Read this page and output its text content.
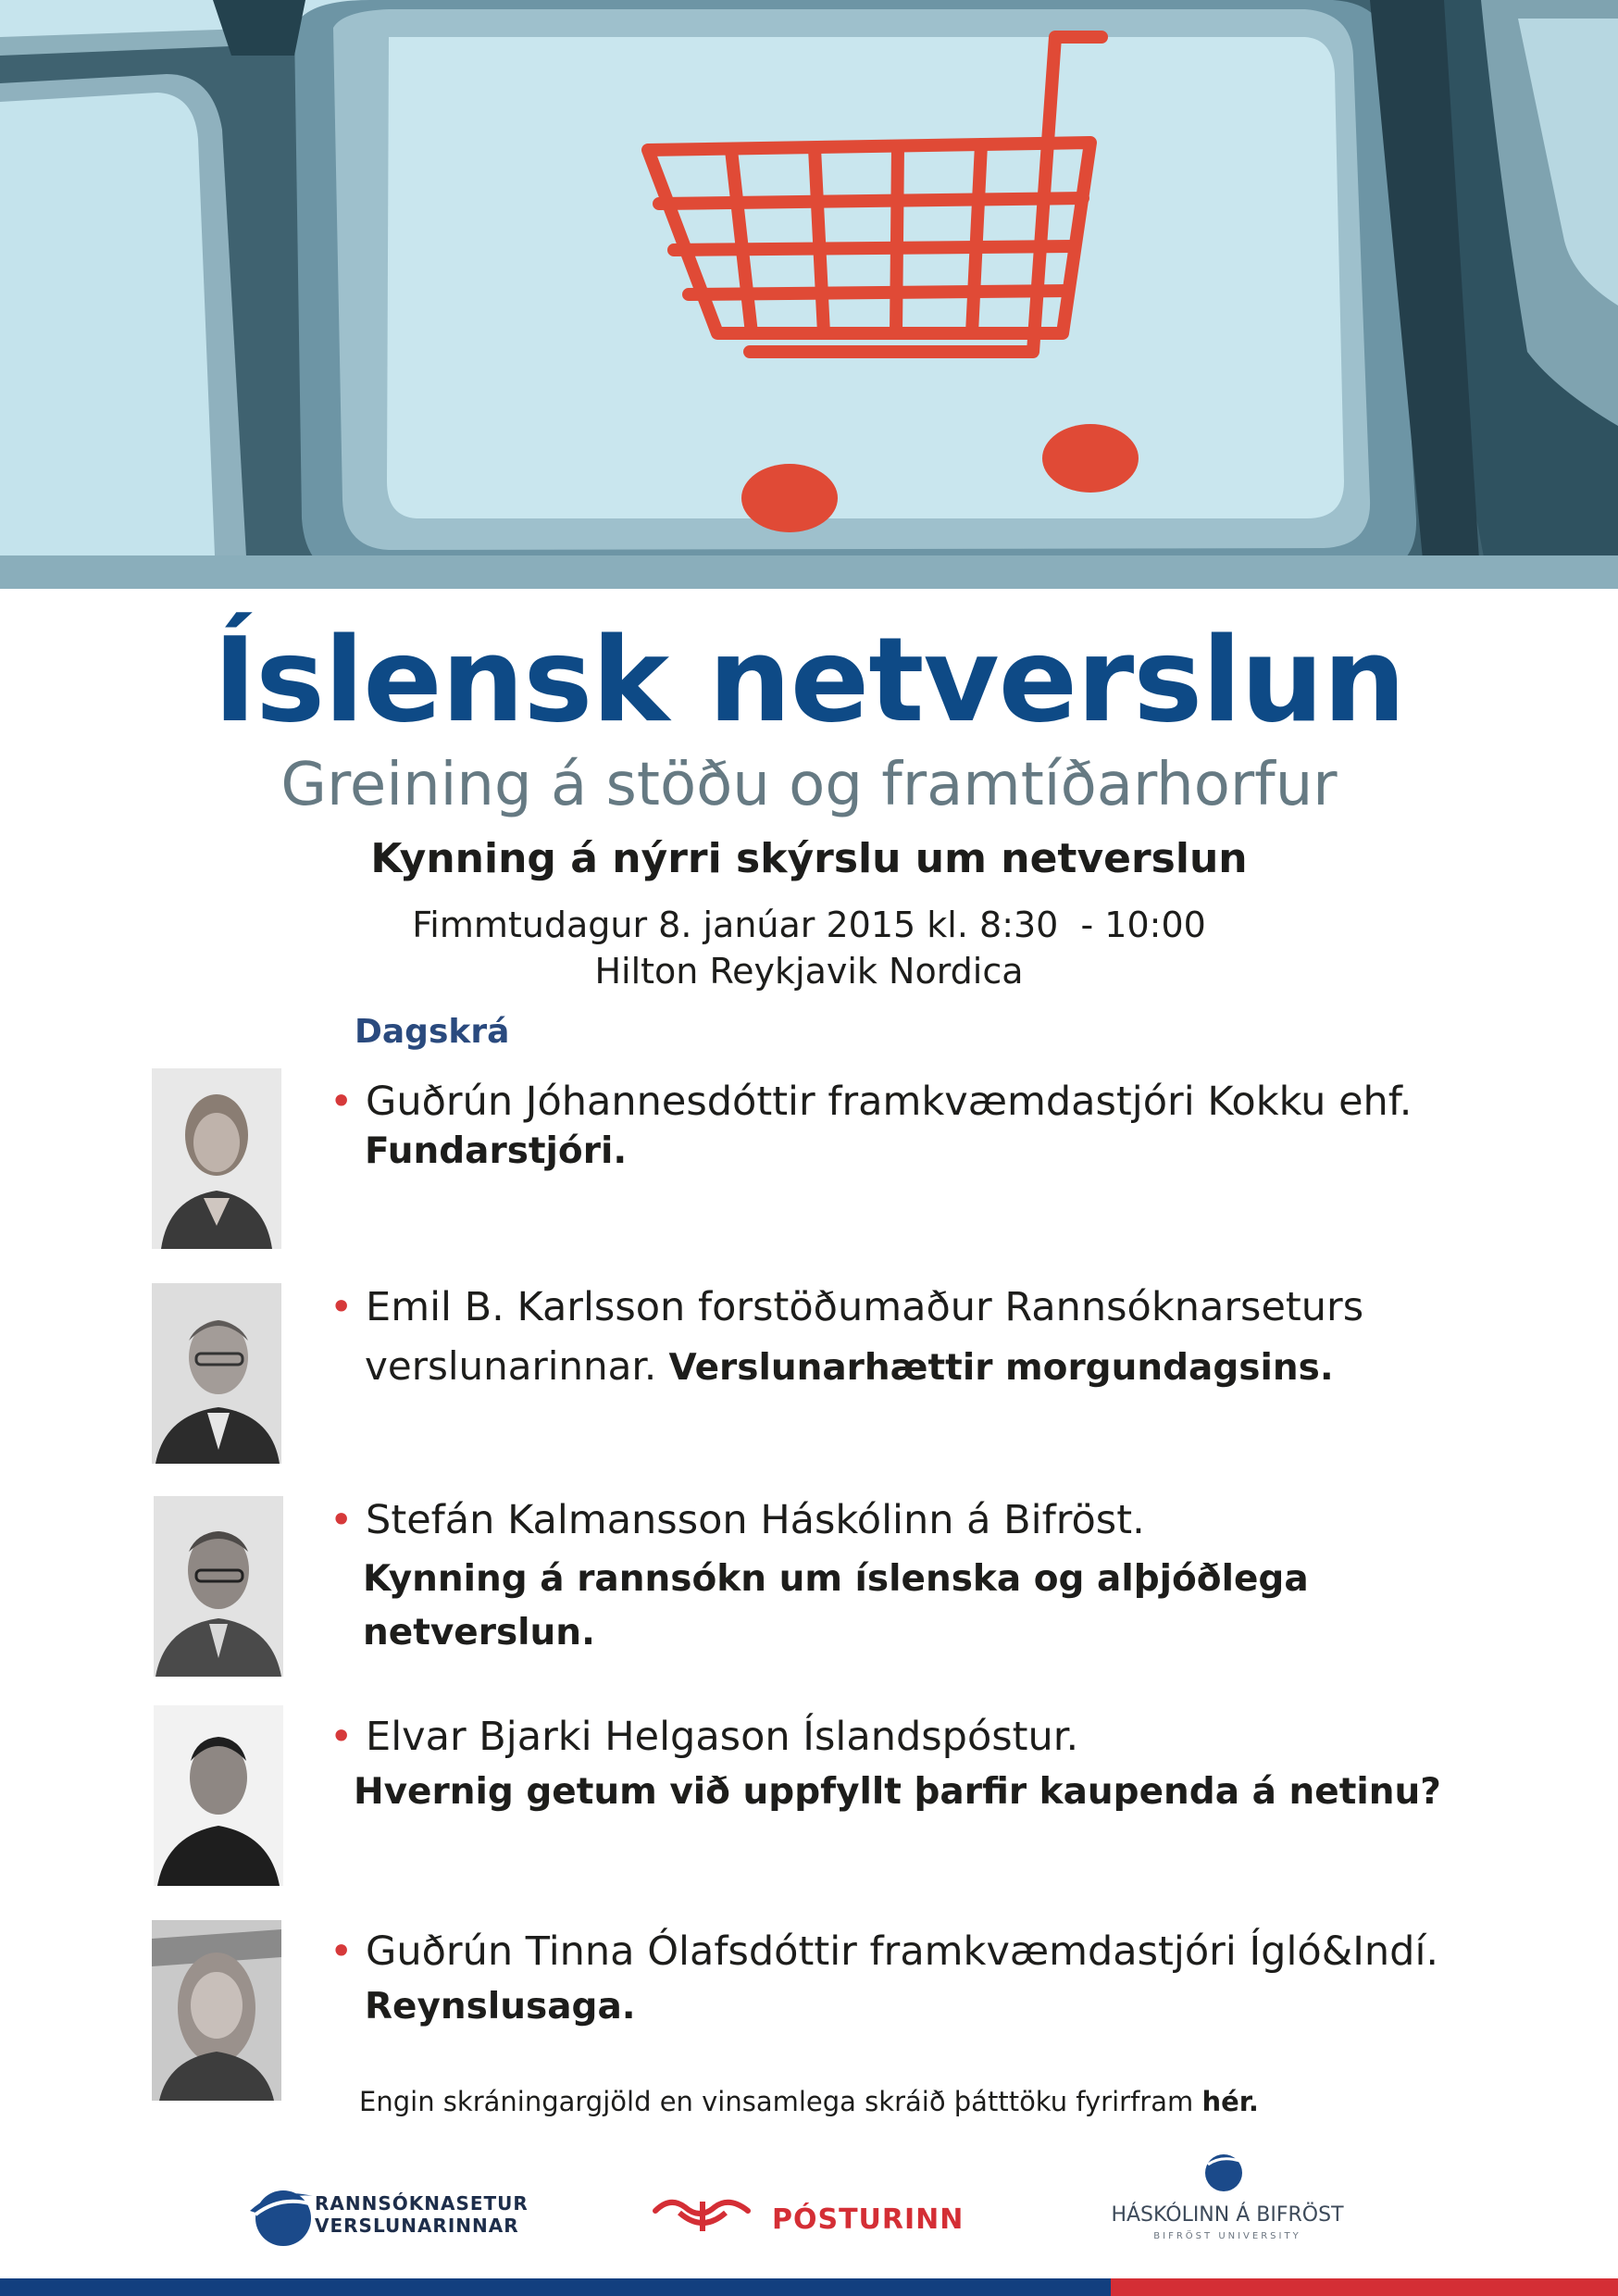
Íslensk netverslun
Greining á stöðu og framtíðarhorfur
Kynning á nýrri skýrslu um netverslun
Fimmtudagur 8. janúar 2015 kl. 8:30  - 10:00
Hilton Reykjavik Nordica
Dagskrá
• Guðrún Jóhannesdóttir framkvæmdastjóri Kokku ehf.
Fundarstjóri.
• Emil B. Karlsson forstöðumaður Rannsóknarseturs
verslunarinnar. Verslunarhættir morgundagsins.
• Stefán Kalmansson Háskólinn á Bifröst.
Kynning á rannsókn um íslenska og alþjóðlega
netverslun.
• Elvar Bjarki Helgason Íslandspóstur.
Hvernig getum við uppfyllt þarfir kaupenda á netinu?
• Guðrún Tinna Ólafsdóttir framkvæmdastjóri Ígló&Indí.
Reynslusaga.
Engin skráningargjöld en vinsamlega skráið þátttöku fyrirfram hér.
RANNSÓKNASETUR
VERSLUNARINNAR	PÓSTURINN	HÁSKÓLINN Á BIFRÖST
BIFRÖST UNIVERSITY
